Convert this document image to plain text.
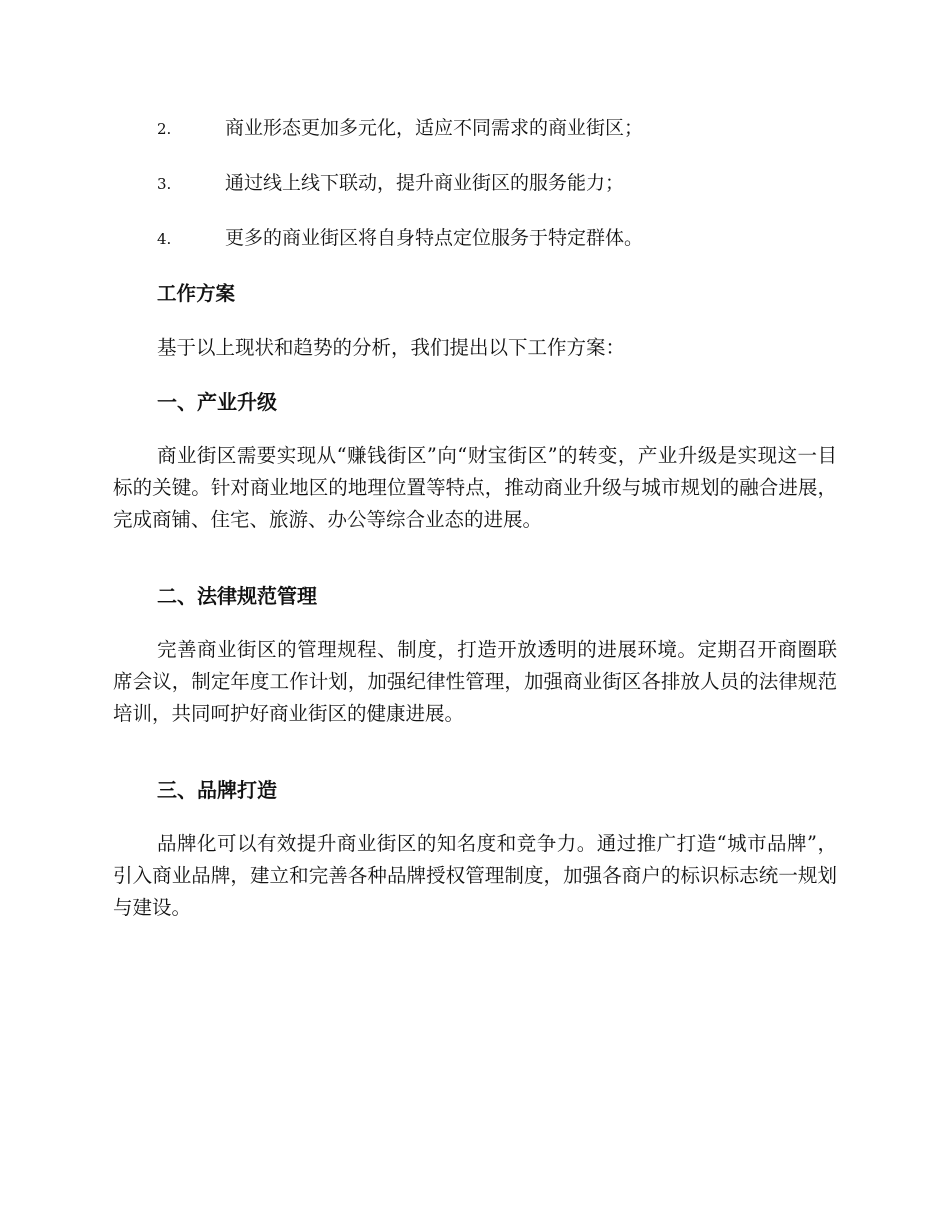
2.	商业形态更加多元化，适应不同需求的商业街区；
3.	通过线上线下联动，提升商业街区的服务能力；
4.	更多的商业街区将自身特点定位服务于特定群体。
工作方案
基于以上现状和趋势的分析，我们提出以下工作方案：
一、产业升级
商业街区需要实现从“赚钱街区”向“财宝街区”的转变，产业升级是实现这一目标的关键。针对商业地区的地理位置等特点，推动商业升级与城市规划的融合进展，完成商铺、住宅、旅游、办公等综合业态的进展。
二、法律规范管理
完善商业街区的管理规程、制度，打造开放透明的进展环境。定期召开商圈联席会议，制定年度工作计划，加强纪律性管理，加强商业街区各排放人员的法律规范培训，共同呵护好商业街区的健康进展。
三、品牌打造
品牌化可以有效提升商业街区的知名度和竞争力。通过推广打造“城市品牌”，引入商业品牌，建立和完善各种品牌授权管理制度，加强各商户的标识标志统一规划与建设。
